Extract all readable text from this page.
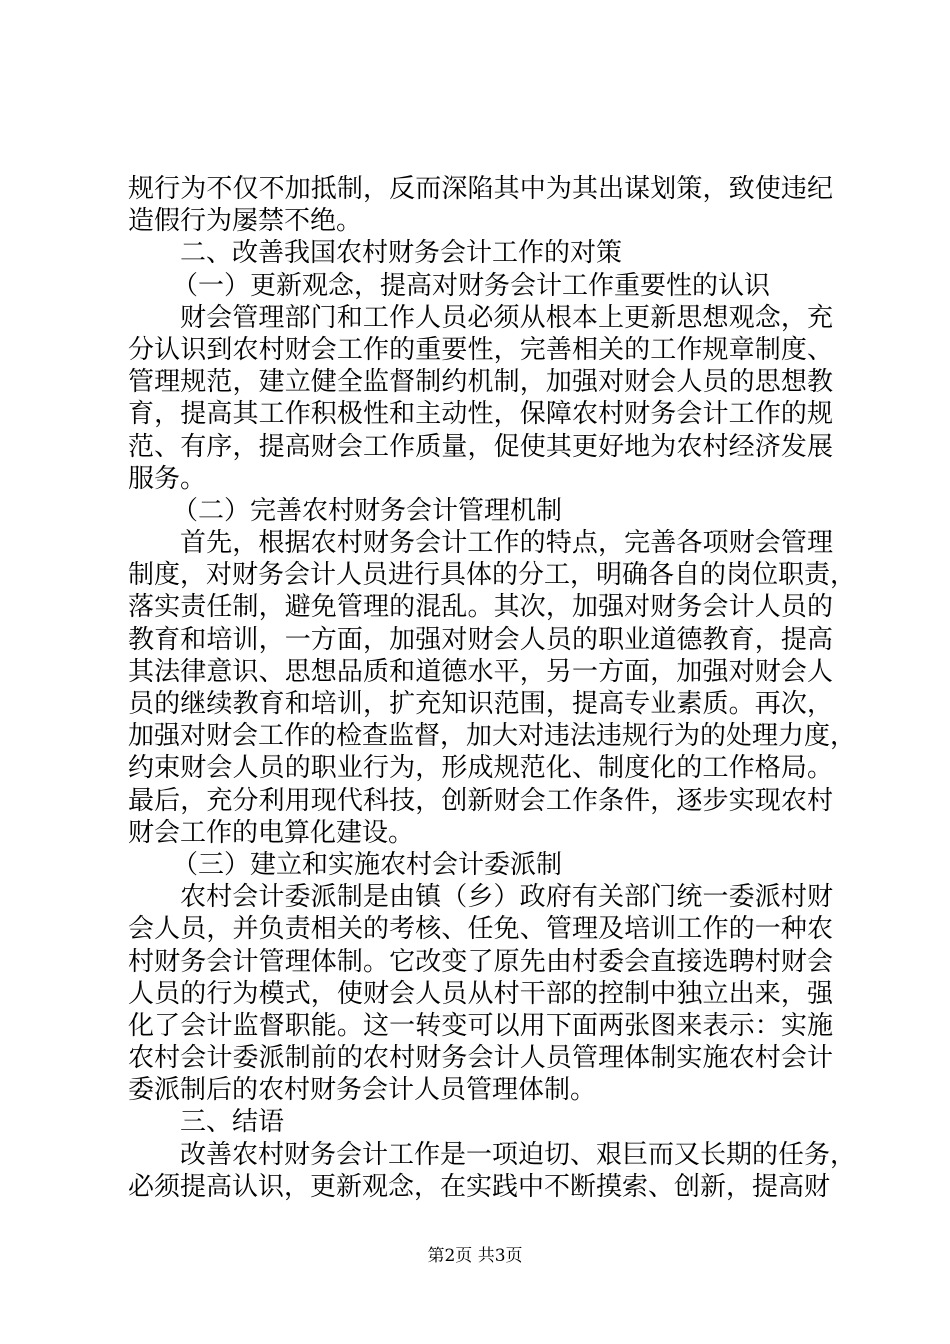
规行为不仅不加抵制，反而深陷其中为其出谋划策，致使违纪
造假行为屡禁不绝。
二、改善我国农村财务会计工作的对策
（一）更新观念，提高对财务会计工作重要性的认识
财会管理部门和工作人员必须从根本上更新思想观念，充
分认识到农村财会工作的重要性，完善相关的工作规章制度、
管理规范，建立健全监督制约机制，加强对财会人员的思想教
育，提高其工作积极性和主动性，保障农村财务会计工作的规
范、有序，提高财会工作质量，促使其更好地为农村经济发展
服务。
（二）完善农村财务会计管理机制
首先，根据农村财务会计工作的特点，完善各项财会管理
制度，对财务会计人员进行具体的分工，明确各自的岗位职责，
落实责任制，避免管理的混乱。其次，加强对财务会计人员的
教育和培训，一方面，加强对财会人员的职业道德教育，提高
其法律意识、思想品质和道德水平，另一方面，加强对财会人
员的继续教育和培训，扩充知识范围，提高专业素质。再次，
加强对财会工作的检查监督，加大对违法违规行为的处理力度，
约束财会人员的职业行为，形成规范化、制度化的工作格局。
最后，充分利用现代科技，创新财会工作条件，逐步实现农村
财会工作的电算化建设。
（三）建立和实施农村会计委派制
农村会计委派制是由镇（乡）政府有关部门统一委派村财
会人员，并负责相关的考核、任免、管理及培训工作的一种农
村财务会计管理体制。它改变了原先由村委会直接选聘村财会
人员的行为模式，使财会人员从村干部的控制中独立出来，强
化了会计监督职能。这一转变可以用下面两张图来表示：实施
农村会计委派制前的农村财务会计人员管理体制实施农村会计
委派制后的农村财务会计人员管理体制。
三、结语
改善农村财务会计工作是一项迫切、艰巨而又长期的任务，
必须提高认识，更新观念，在实践中不断摸索、创新，提高财
第2页 共3页
